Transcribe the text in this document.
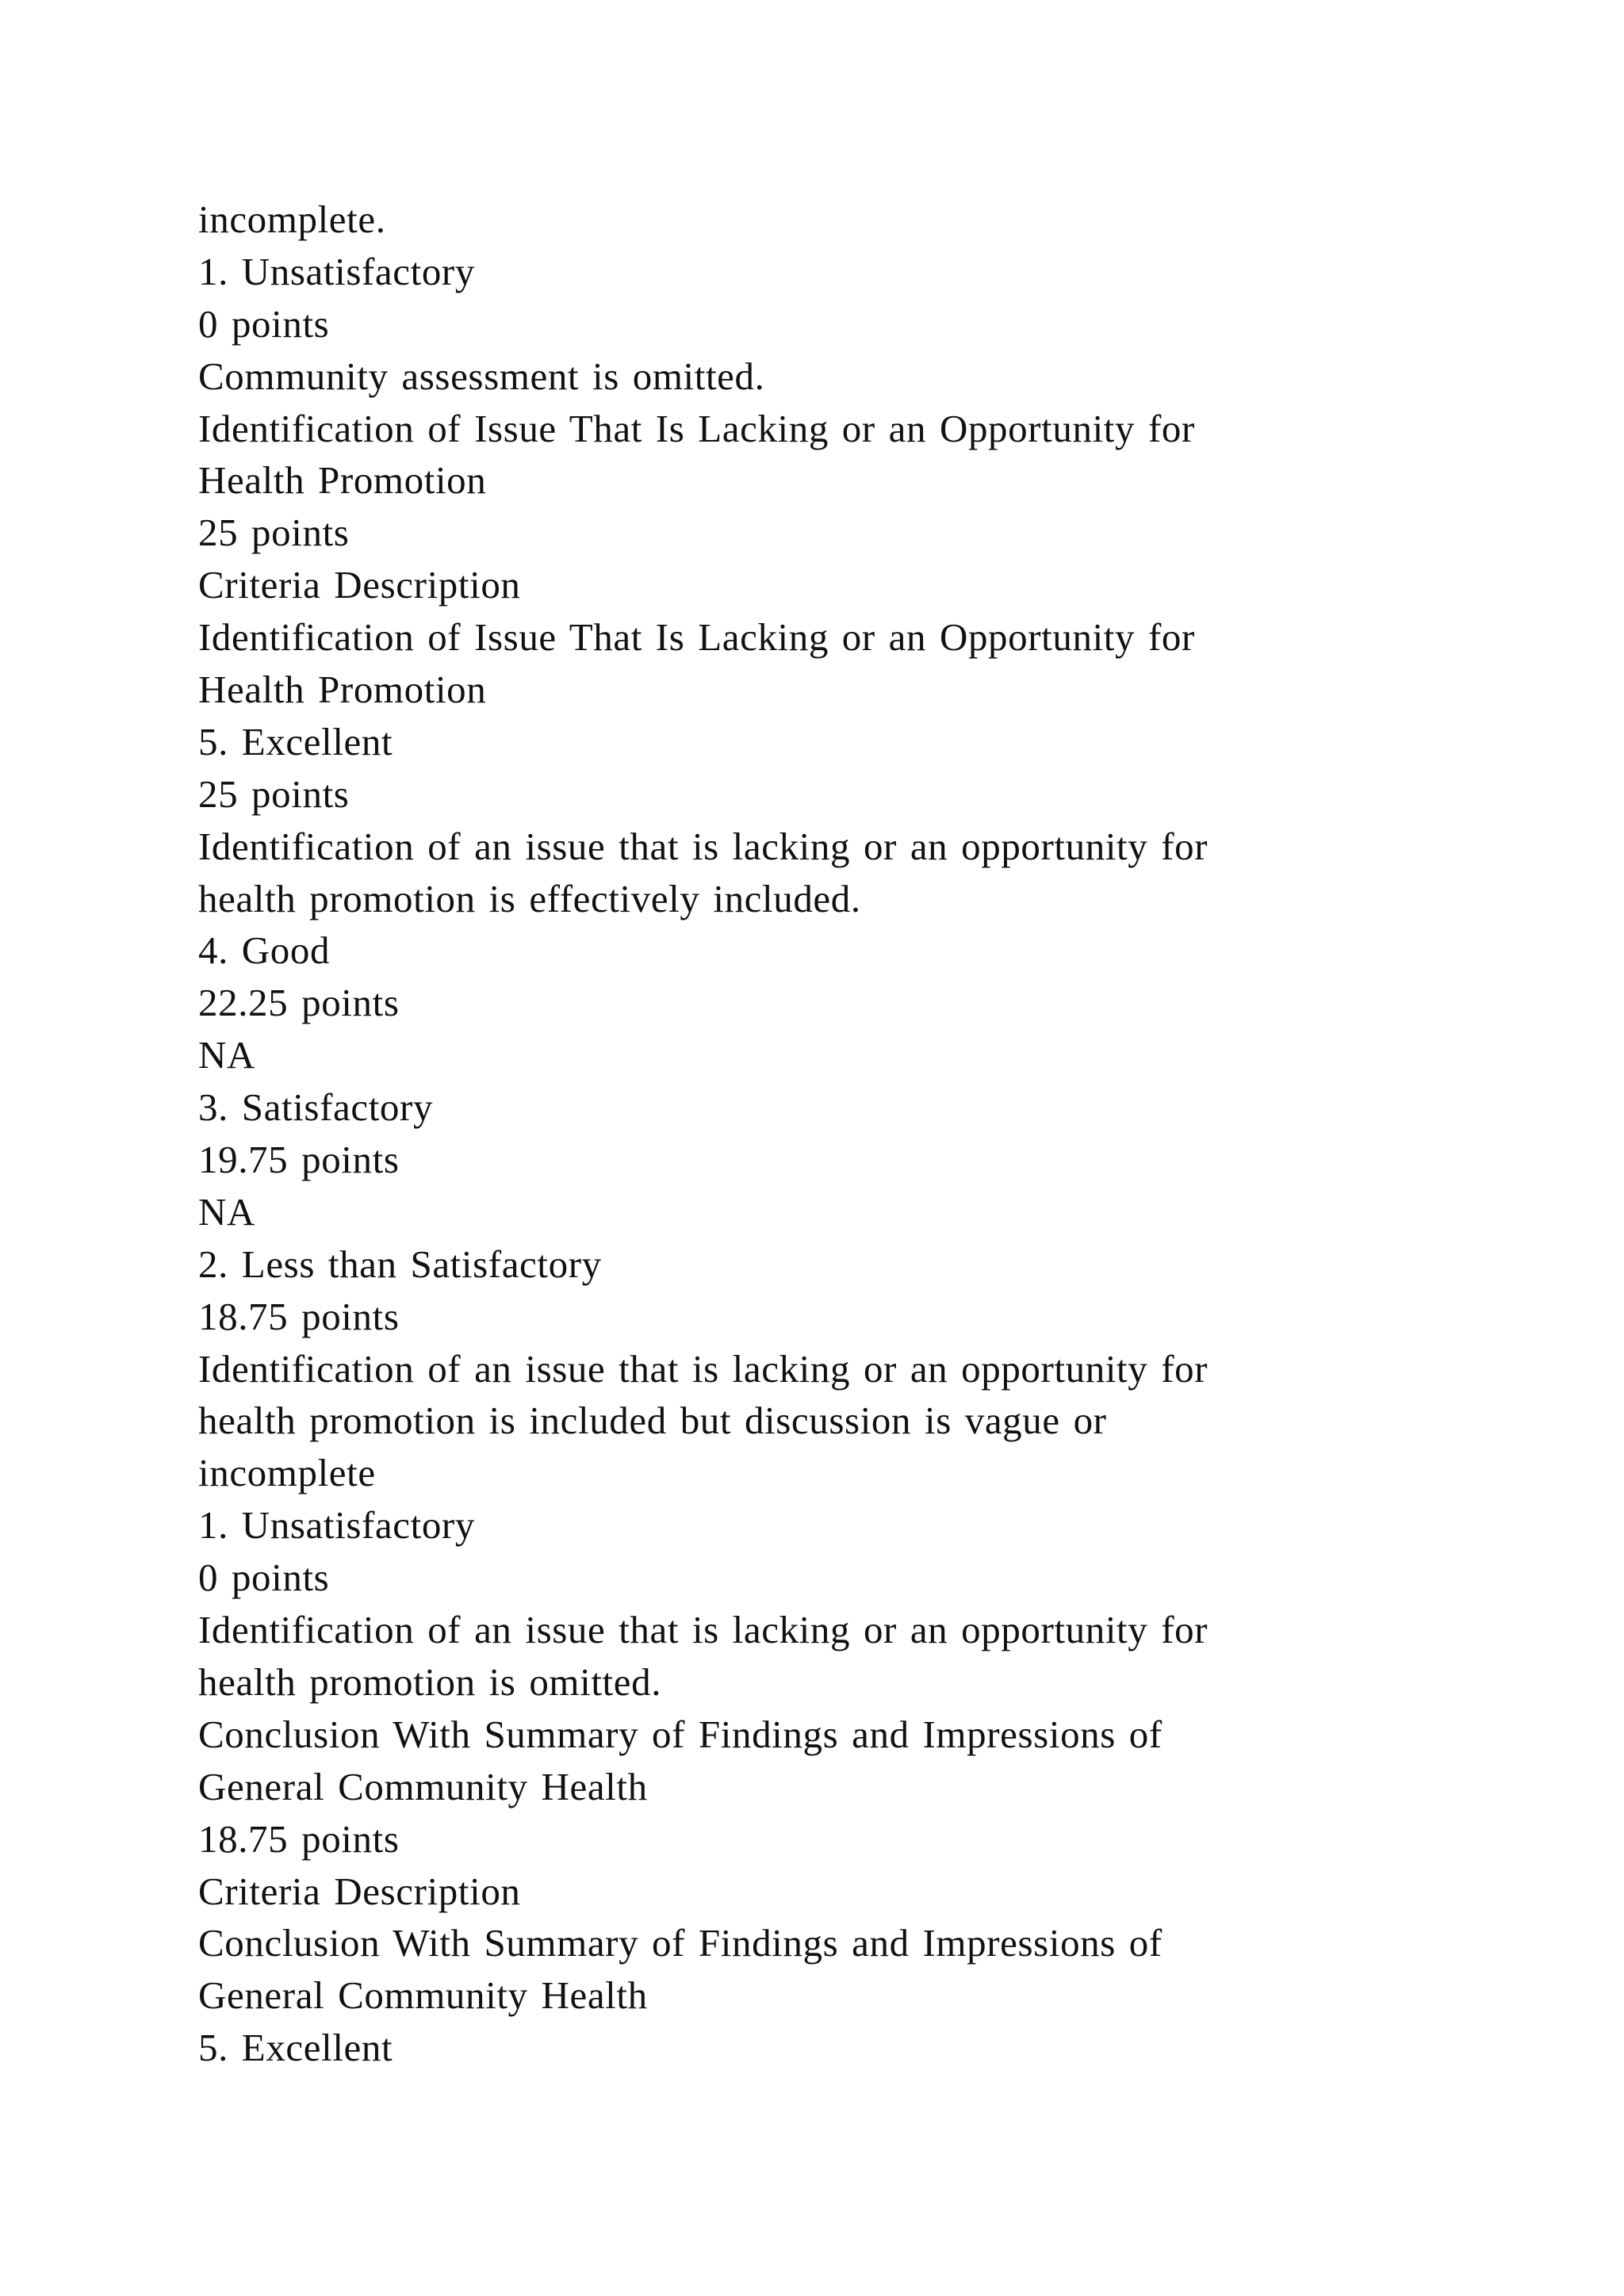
incomplete.
1. Unsatisfactory
0 points
Community assessment is omitted.
Identification of Issue That Is Lacking or an Opportunity for
Health Promotion
25 points
Criteria Description
Identification of Issue That Is Lacking or an Opportunity for
Health Promotion
5. Excellent
25 points
Identification of an issue that is lacking or an opportunity for
health promotion is effectively included.
4. Good
22.25 points
NA
3. Satisfactory
19.75 points
NA
2. Less than Satisfactory
18.75 points
Identification of an issue that is lacking or an opportunity for
health promotion is included but discussion is vague or
incomplete
1. Unsatisfactory
0 points
Identification of an issue that is lacking or an opportunity for
health promotion is omitted.
Conclusion With Summary of Findings and Impressions of
General Community Health
18.75 points
Criteria Description
Conclusion With Summary of Findings and Impressions of
General Community Health
5. Excellent
